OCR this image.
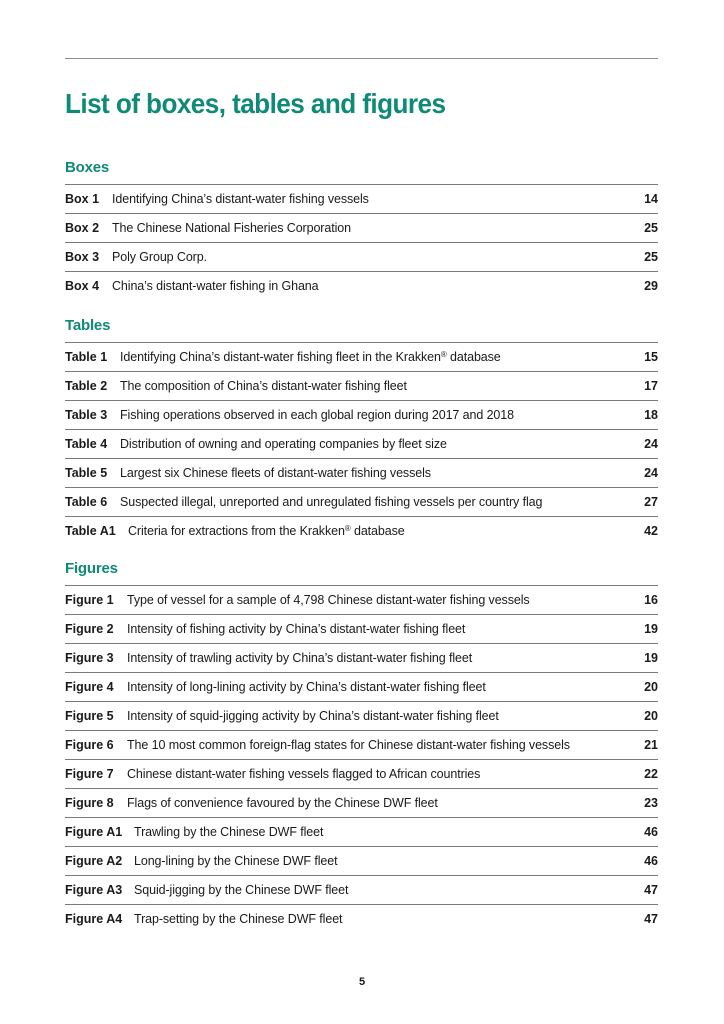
List of boxes, tables and figures
Boxes
Box 1	Identifying China’s distant-water fishing vessels	14
Box 2	The Chinese National Fisheries Corporation	25
Box 3	Poly Group Corp.	25
Box 4	China’s distant-water fishing in Ghana	29
Tables
Table 1	Identifying China’s distant-water fishing fleet in the Krakken® database	15
Table 2	The composition of China’s distant-water fishing fleet	17
Table 3	Fishing operations observed in each global region during 2017 and 2018	18
Table 4	Distribution of owning and operating companies by fleet size	24
Table 5	Largest six Chinese fleets of distant-water fishing vessels	24
Table 6	Suspected illegal, unreported and unregulated fishing vessels per country flag	27
Table A1 Criteria for extractions from the Krakken® database	42
Figures
Figure 1	Type of vessel for a sample of 4,798 Chinese distant-water fishing vessels	16
Figure 2	Intensity of fishing activity by China’s distant-water fishing fleet	19
Figure 3	Intensity of trawling activity by China’s distant-water fishing fleet	19
Figure 4	Intensity of long-lining activity by China’s distant-water fishing fleet	20
Figure 5	Intensity of squid-jigging activity by China’s distant-water fishing fleet	20
Figure 6	The 10 most common foreign-flag states for Chinese distant-water fishing vessels	21
Figure 7	Chinese distant-water fishing vessels flagged to African countries	22
Figure 8	Flags of convenience favoured by the Chinese DWF fleet	23
Figure A1 Trawling by the Chinese DWF fleet	46
Figure A2 Long-lining by the Chinese DWF fleet	46
Figure A3 Squid-jigging by the Chinese DWF fleet	47
Figure A4 Trap-setting by the Chinese DWF fleet	47
5
